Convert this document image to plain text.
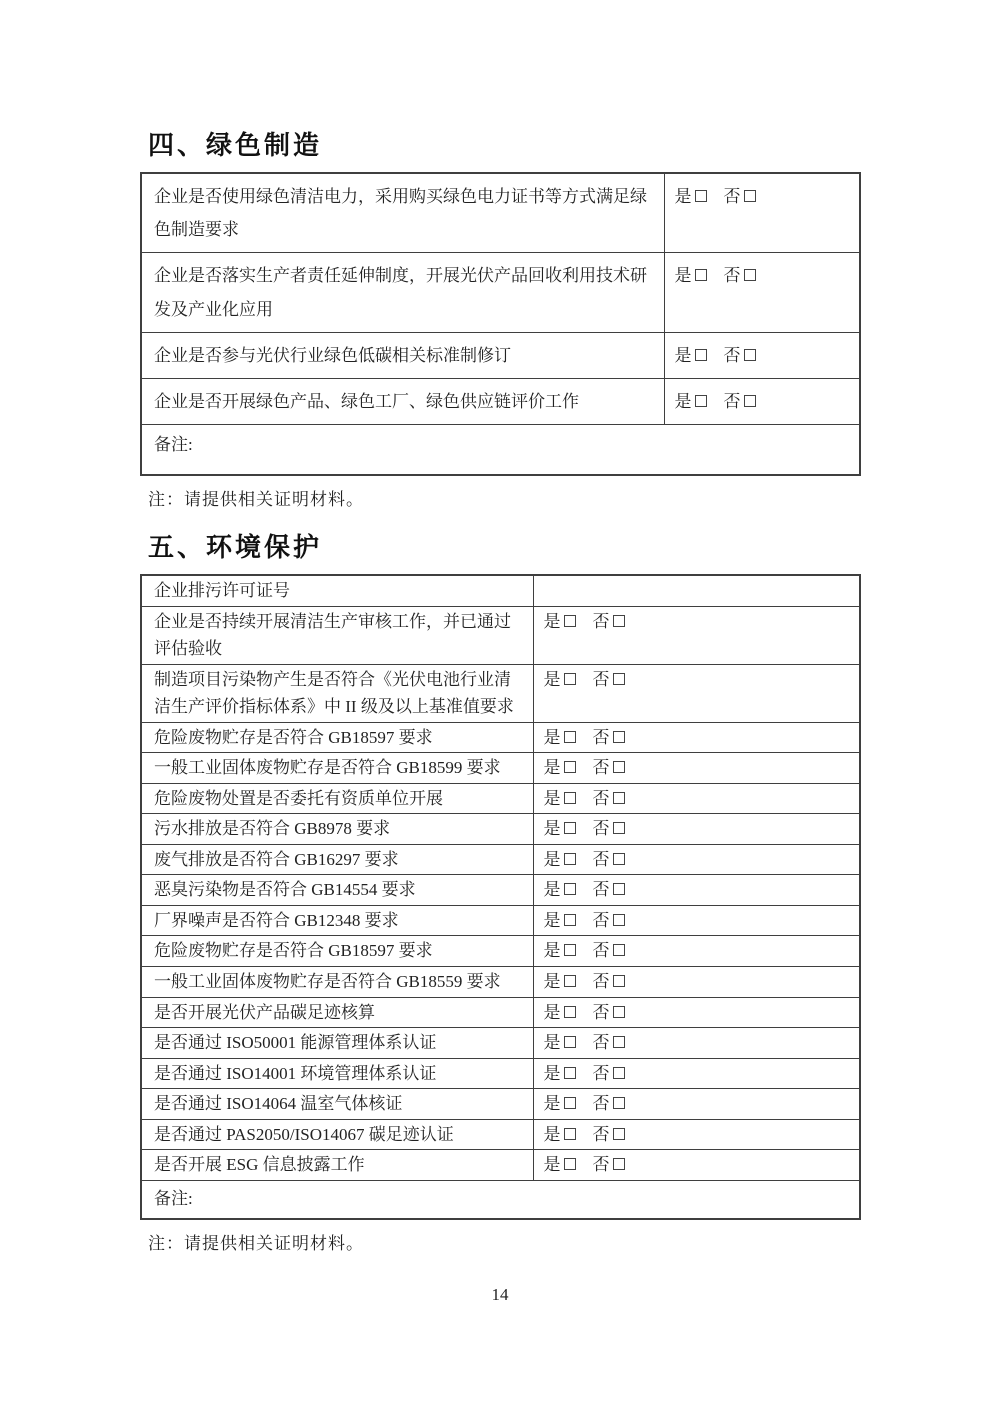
四、绿色制造
企业是否使用绿色清洁电力，采用购买绿色电力证书等方式满足绿色制造要求	是 否
企业是否落实生产者责任延伸制度，开展光伏产品回收利用技术研发及产业化应用	是 否
企业是否参与光伏行业绿色低碳相关标准制修订	是 否
企业是否开展绿色产品、绿色工厂、绿色供应链评价工作	是 否
备注:	

注：请提供相关证明材料。

五、环境保护
企业排污许可证号	
企业是否持续开展清洁生产审核工作，并已通过评估验收	是 否
制造项目污染物产生是否符合《光伏电池行业清洁生产评价指标体系》中 II 级及以上基准值要求	是 否
危险废物贮存是否符合 GB18597 要求	是 否
一般工业固体废物贮存是否符合 GB18599 要求	是 否
危险废物处置是否委托有资质单位开展	是 否
污水排放是否符合 GB8978 要求	是 否
废气排放是否符合 GB16297 要求	是 否
恶臭污染物是否符合 GB14554 要求	是 否
厂界噪声是否符合 GB12348 要求	是 否
危险废物贮存是否符合 GB18597 要求	是 否
一般工业固体废物贮存是否符合 GB18559 要求	是 否
是否开展光伏产品碳足迹核算	是 否
是否通过 ISO50001 能源管理体系认证	是 否
是否通过 ISO14001 环境管理体系认证	是 否
是否通过 ISO14064 温室气体核证	是 否
是否通过 PAS2050/ISO14067 碳足迹认证	是 否
是否开展 ESG 信息披露工作	是 否
备注:	

注：请提供相关证明材料。

14
